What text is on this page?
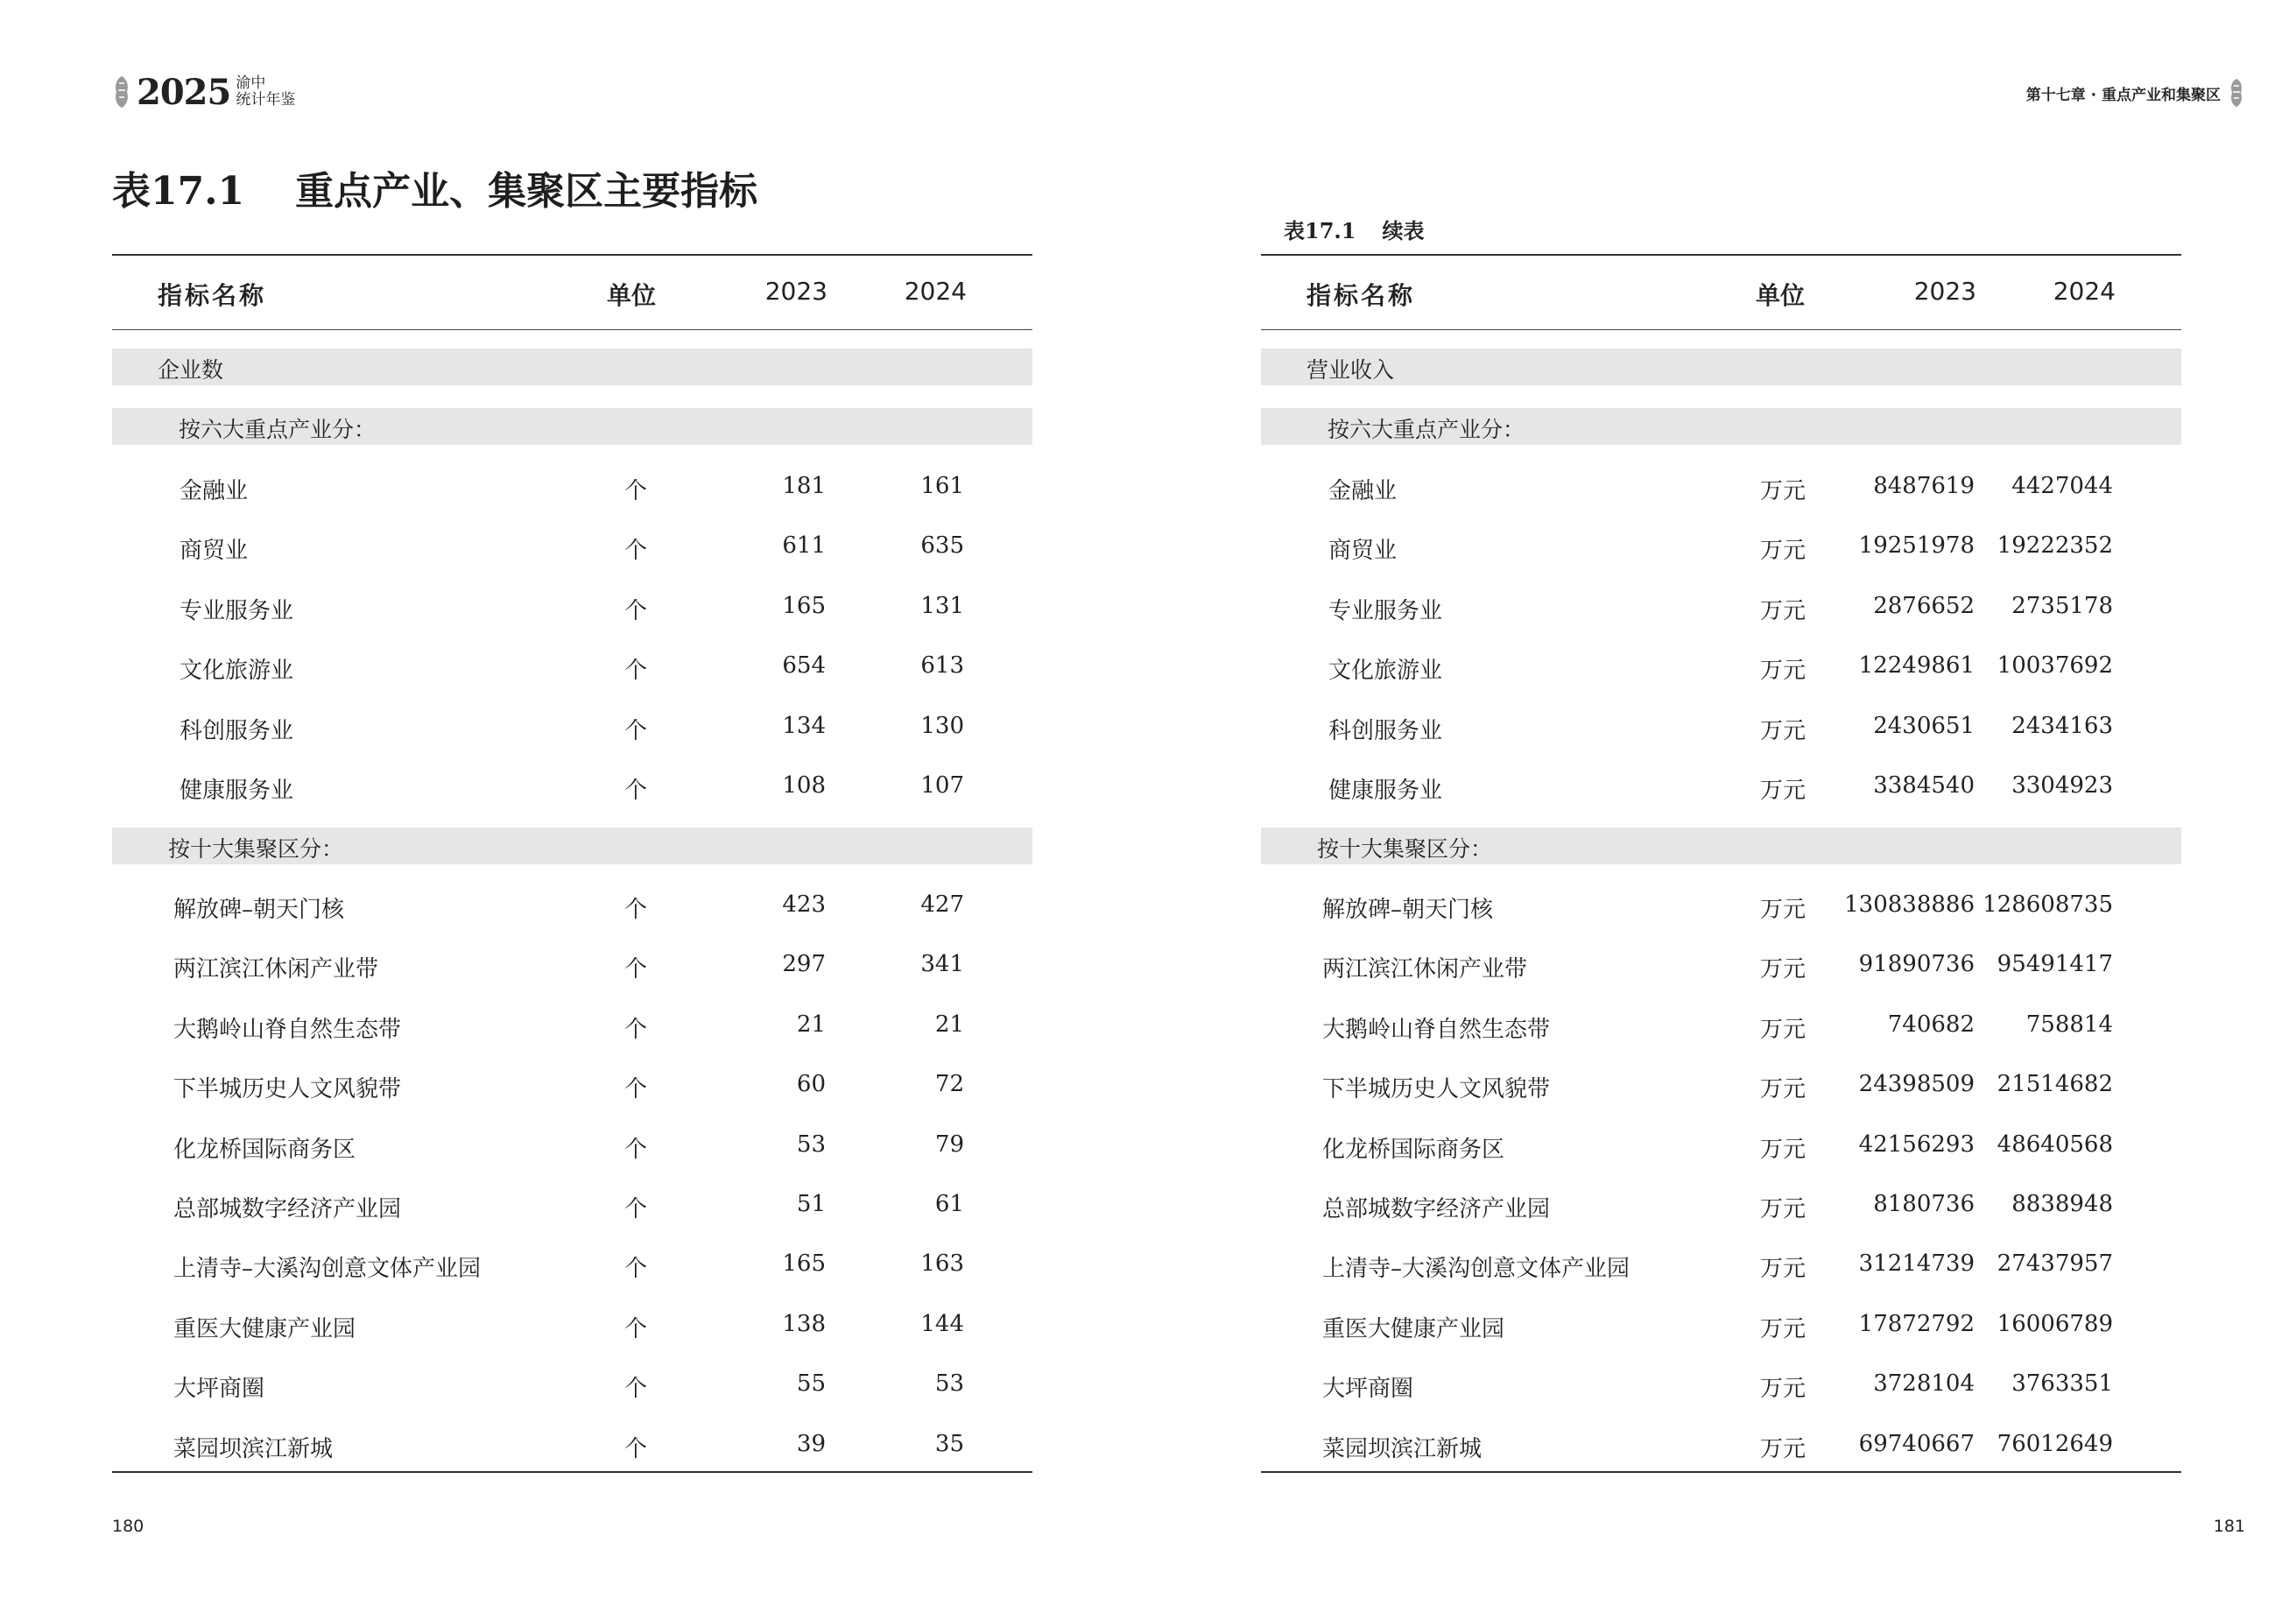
2025 渝中
统计年鉴
表17.1 重点产业、集聚区主要指标
指标名称	单位	2023	2024
企业数
按六大重点产业分：
金融业	个	181	161
商贸业	个	611	635
专业服务业	个	165	131
文化旅游业	个	654	613
科创服务业	个	134	130
健康服务业	个	108	107
按十大集聚区分：
解放碑–朝天门核	个	423	427
两江滨江休闲产业带	个	297	341
大鹅岭山脊自然生态带	个	21	21
下半城历史人文风貌带	个	60	72
化龙桥国际商务区	个	53	79
总部城数字经济产业园	个	51	61
上清寺–大溪沟创意文体产业园	个	165	163
重医大健康产业园	个	138	144
大坪商圈	个	55	53
菜园坝滨江新城	个	39	35
180
第十七章 · 重点产业和集聚区
表17.1 续表
指标名称	单位	2023	2024
营业收入
按六大重点产业分：
金融业	万元	8487619 4427044
商贸业	万元 19251978 19222352
专业服务业	万元	2876652 2735178
文化旅游业	万元 12249861 10037692
科创服务业	万元	2430651 2434163
健康服务业	万元	3384540 3304923
按十大集聚区分：
解放碑–朝天门核	万元 130838886 128608735
两江滨江休闲产业带	万元 91890736 95491417
大鹅岭山脊自然生态带	万元	740682 758814
下半城历史人文风貌带	万元 24398509 21514682
化龙桥国际商务区	万元 42156293 48640568
总部城数字经济产业园	万元	8180736 8838948
上清寺–大溪沟创意文体产业园	万元 31214739 27437957
重医大健康产业园	万元 17872792 16006789
大坪商圈	万元	3728104 3763351
菜园坝滨江新城	万元 69740667 76012649
181
